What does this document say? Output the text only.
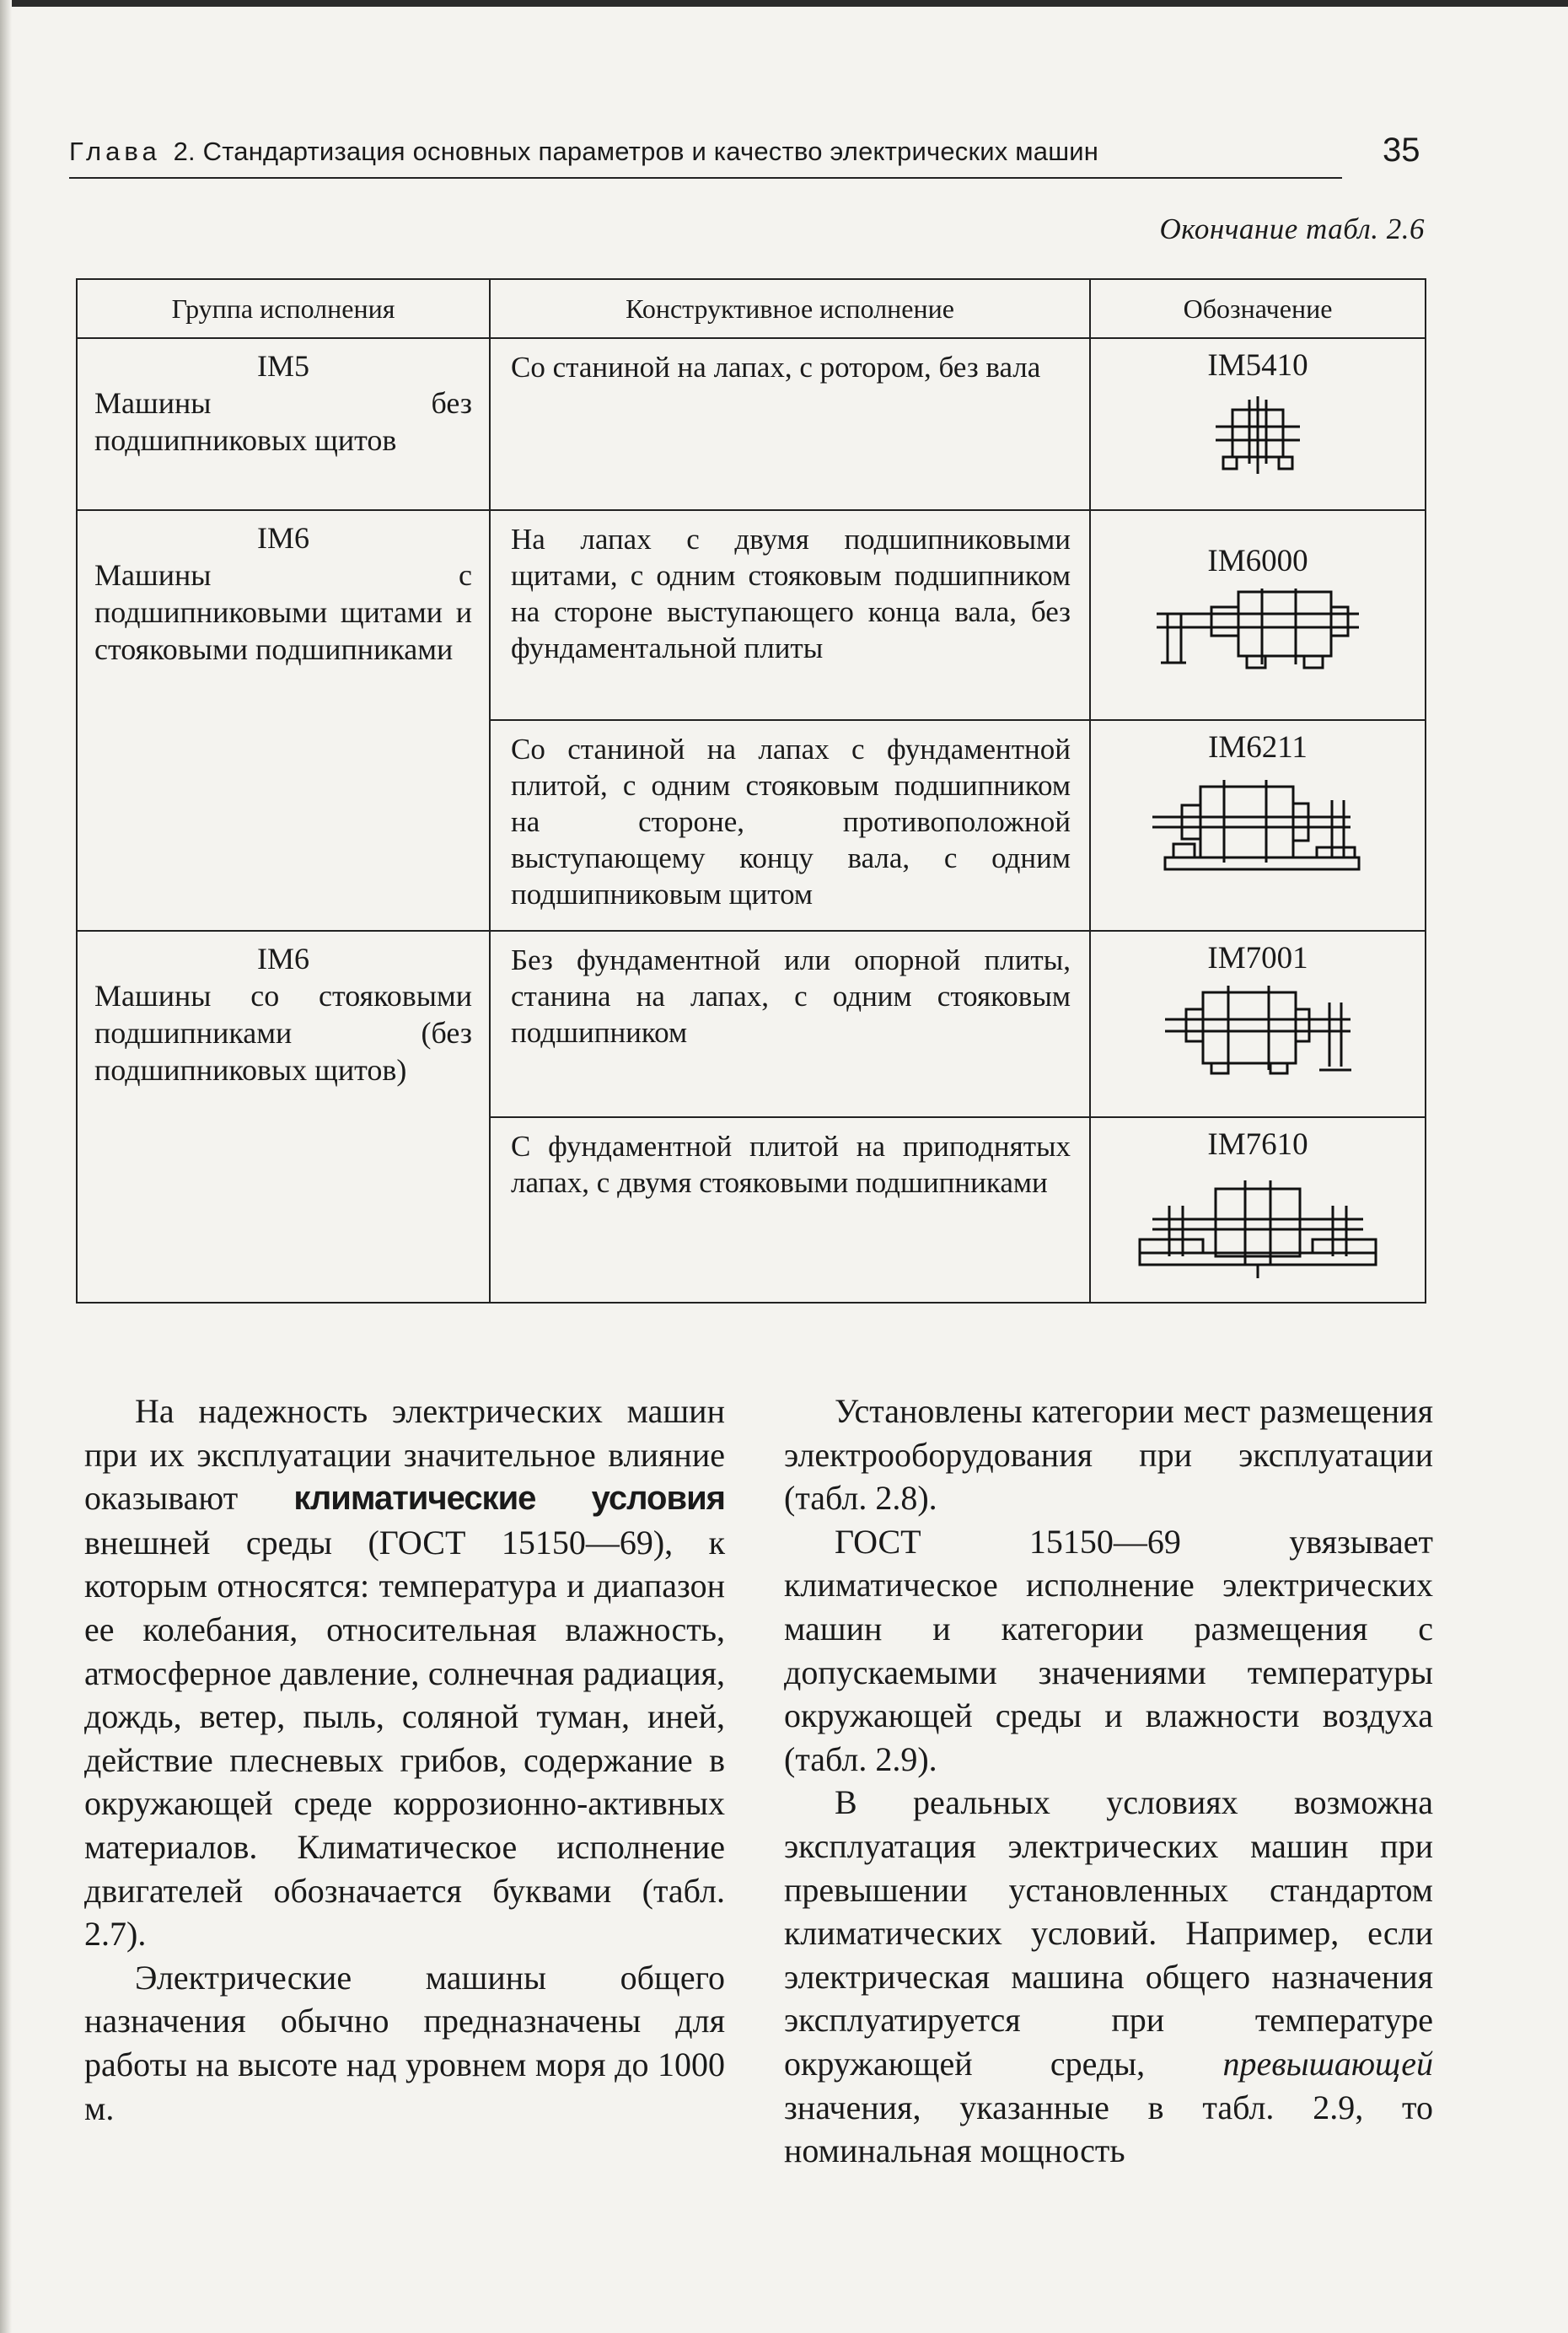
Глава 2. Стандартизация основных параметров и качество электрических машин	35
Окончание табл. 2.6
Группа исполнения	Конструктивное исполнение	Обозначение

IM5
Машины без подшипниковых щитов	Со станиной на лапах, с ротором, без вала	IM5410

IM6
Машины с подшипниковыми щитами и стояковыми подшипниками	На лапах с двумя подшипниковыми щитами, с одним стояковым подшипником на стороне выступающего конца вала, без фундаментальной плиты	IM6000

	Со станиной на лапах с фундаментной плитой, с одним стояковым подшипником на стороне, противоположной выступающему концу вала, с одним подшипниковым щитом	IM6211

IM6
Машины со стояковыми подшипниками (без подшипниковых щитов)	Без фундаментной или опорной плиты, станина на лапах, с одним стояковым подшипником	IM7001

	С фундаментной плитой на приподнятых лапах, с двумя стояковыми подшипниками	IM7610

На надежность электрических машин при их эксплуатации значительное влияние оказывают климатические условия внешней среды (ГОСТ 15150—69), к которым относятся: температура и диапазон ее колебания, относительная влажность, атмосферное давление, солнечная радиация, дождь, ветер, пыль, соляной туман, иней, действие плесневых грибов, содержание в окружающей среде коррозионно-активных материалов. Климатическое исполнение двигателей обозначается буквами (табл. 2.7).

Электрические машины общего назначения обычно предназначены для работы на высоте над уровнем моря до 1000 м.

Установлены категории мест размещения электрооборудования при эксплуатации (табл. 2.8).

ГОСТ 15150—69 увязывает климатическое исполнение электрических машин и категории размещения с допускаемыми значениями температуры окружающей среды и влажности воздуха (табл. 2.9).

В реальных условиях возможна эксплуатация электрических машин при превышении установленных стандартом климатических условий. Например, если электрическая машина общего назначения эксплуатируется при температуре окружающей среды, превышающей значения, указанные в табл. 2.9, то номинальная мощность
